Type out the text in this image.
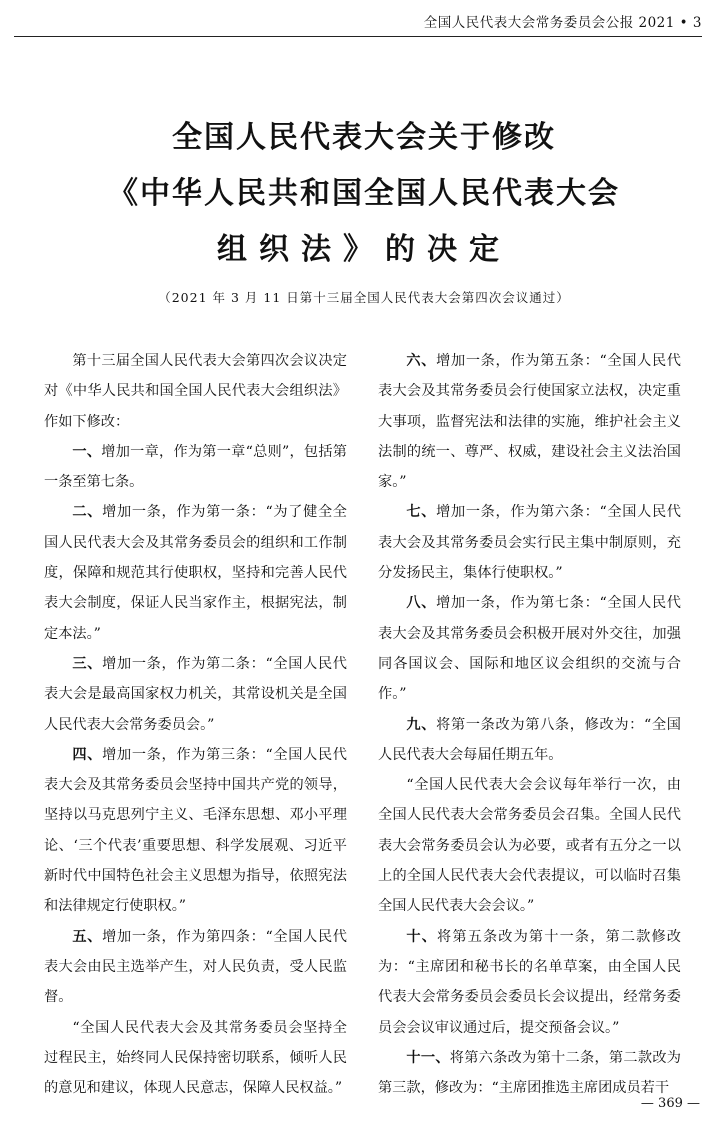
全国人民代表大会常务委员会公报 2021 • 3
全国人民代表大会关于修改
《中华人民共和国全国人民代表大会
组织法》的决定
（2021 年 3 月 11 日第十三届全国人民代表大会第四次会议通过）

第十三届全国人民代表大会第四次会议决定对《中华人民共和国全国人民代表大会组织法》作如下修改：

一、增加一章，作为第一章“总则”，包括第一条至第七条。

二、增加一条，作为第一条：“为了健全全国人民代表大会及其常务委员会的组织和工作制度，保障和规范其行使职权，坚持和完善人民代表大会制度，保证人民当家作主，根据宪法，制定本法。”

三、增加一条，作为第二条：“全国人民代表大会是最高国家权力机关，其常设机关是全国人民代表大会常务委员会。”

四、增加一条，作为第三条：“全国人民代表大会及其常务委员会坚持中国共产党的领导，坚持以马克思列宁主义、毛泽东思想、邓小平理论、‘三个代表’重要思想、科学发展观、习近平新时代中国特色社会主义思想为指导，依照宪法和法律规定行使职权。”

五、增加一条，作为第四条：“全国人民代表大会由民主选举产生，对人民负责，受人民监督。

“全国人民代表大会及其常务委员会坚持全过程民主，始终同人民保持密切联系，倾听人民的意见和建议，体现人民意志，保障人民权益。”

六、增加一条，作为第五条：“全国人民代表大会及其常务委员会行使国家立法权，决定重大事项，监督宪法和法律的实施，维护社会主义法制的统一、尊严、权威，建设社会主义法治国家。”

七、增加一条，作为第六条：“全国人民代表大会及其常务委员会实行民主集中制原则，充分发扬民主，集体行使职权。”

八、增加一条，作为第七条：“全国人民代表大会及其常务委员会积极开展对外交往，加强同各国议会、国际和地区议会组织的交流与合作。”

九、将第一条改为第八条，修改为：“全国人民代表大会每届任期五年。

“全国人民代表大会会议每年举行一次，由全国人民代表大会常务委员会召集。全国人民代表大会常务委员会认为必要，或者有五分之一以上的全国人民代表大会代表提议，可以临时召集全国人民代表大会会议。”

十、将第五条改为第十一条，第二款修改为：“主席团和秘书长的名单草案，由全国人民代表大会常务委员会委员长会议提出，经常务委员会会议审议通过后，提交预备会议。”

十一、将第六条改为第十二条，第二款改为第三款，修改为：“主席团推选主席团成员若干

— 369 —
